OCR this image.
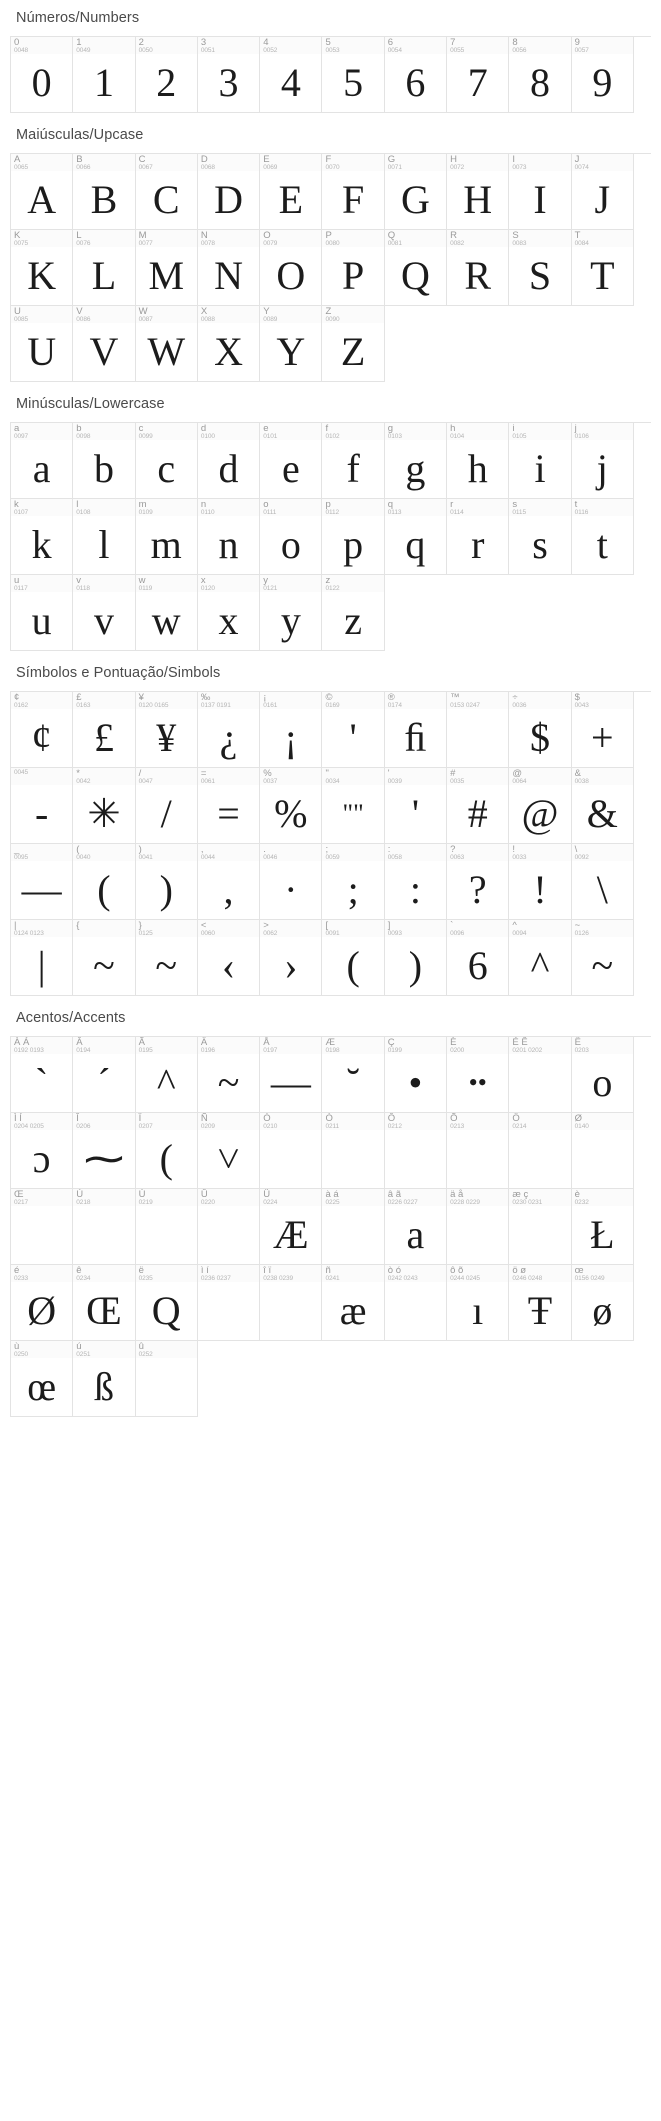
Números/Numbers
0
0048
0
1
0049
1
2
0050
2
3
0051
3
4
0052
4
5
0053
5
6
0054
6
7
0055
7
8
0056
8
9
0057
9
Maiúsculas/Upcase
A
0065
A
B
0066
B
C
0067
C
D
0068
D
E
0069
E
F
0070
F
G
0071
G
H
0072
H
I
0073
I
J
0074
J
K
0075
K
L
0076
L
M
0077
M
N
0078
N
O
0079
O
P
0080
P
Q
0081
Q
R
0082
R
S
0083
S
T
0084
T
U
0085
U
V
0086
V
W
0087
W
X
0088
X
Y
0089
Y
Z
0090
Z
Minúsculas/Lowercase
a
0097
a
b
0098
b
c
0099
c
d
0100
d
e
0101
e
f
0102
f
g
0103
g
h
0104
h
i
0105
i
j
0106
j
k
0107
k
l
0108
l
m
0109
m
n
0110
n
o
0111
o
p
0112
p
q
0113
q
r
0114
r
s
0115
s
t
0116
t
u
0117
u
v
0118
v
w
0119
w
x
0120
x
y
0121
y
z
0122
z
Símbolos e Pontuação/Simbols
¢
0162
¢
£
0163
£
¥
0120 0165
¥
‰
0137 0191
¿
¡
0161
¡
©
0169
'
®
0174
ﬁ
™
0153 0247
÷
0036
$
$
0043
+
0045
-
*
0042
✳
/
0047
/
=
0061
=
%
0037
%
"
0034
""
'
0039
'
#
0035
#
@
0064
@
&
0038
&
_
0095
—
(
0040
(
)
0041
)
,
0044
,
.
0046
·
;
0059
;
:
0058
:
?
0063
?
!
0033
!
\
0092
\
|
0124 0123
|
{
~
}
0125
~
<
0060
‹
>
0062
›
[
0091
(
]
0093
)
`
0096
6
^
0094
^
~
0126
~
Acentos/Accents
À Á
0192 0193
`
Â
0194
´
Ã
0195
^
Ä
0196
~
Å
0197
—
Æ
0198
˘
Ç
0199
•
È
0200
••
É Ê
0201 0202
Ë
0203
o
Ì Í
0204 0205
ɔ
Î
0206
⁓
Ï
0207
(
Ñ
0209
˅
Ò
0210
Ó
0211
Ô
0212
Õ
0213
Ö
0214
Ø
0140
Œ
0217
Ù
0218
Ú
0219
Û
0220
Ü
0224
Æ
à á
0225
â ã
0226 0227
a
ä å
0228 0229
æ ç
0230 0231
è
0232
Ł
é
0233
Ø
ê
0234
Œ
ë
0235
Q
ì í
0236 0237
î ï
0238 0239
ñ
0241
æ
ò ó
0242 0243
ô õ
0244 0245
ı
ö ø
0246 0248
Ŧ
œ
0156 0249
ø
ù
0250
œ
ú
0251
ß
û
0252
